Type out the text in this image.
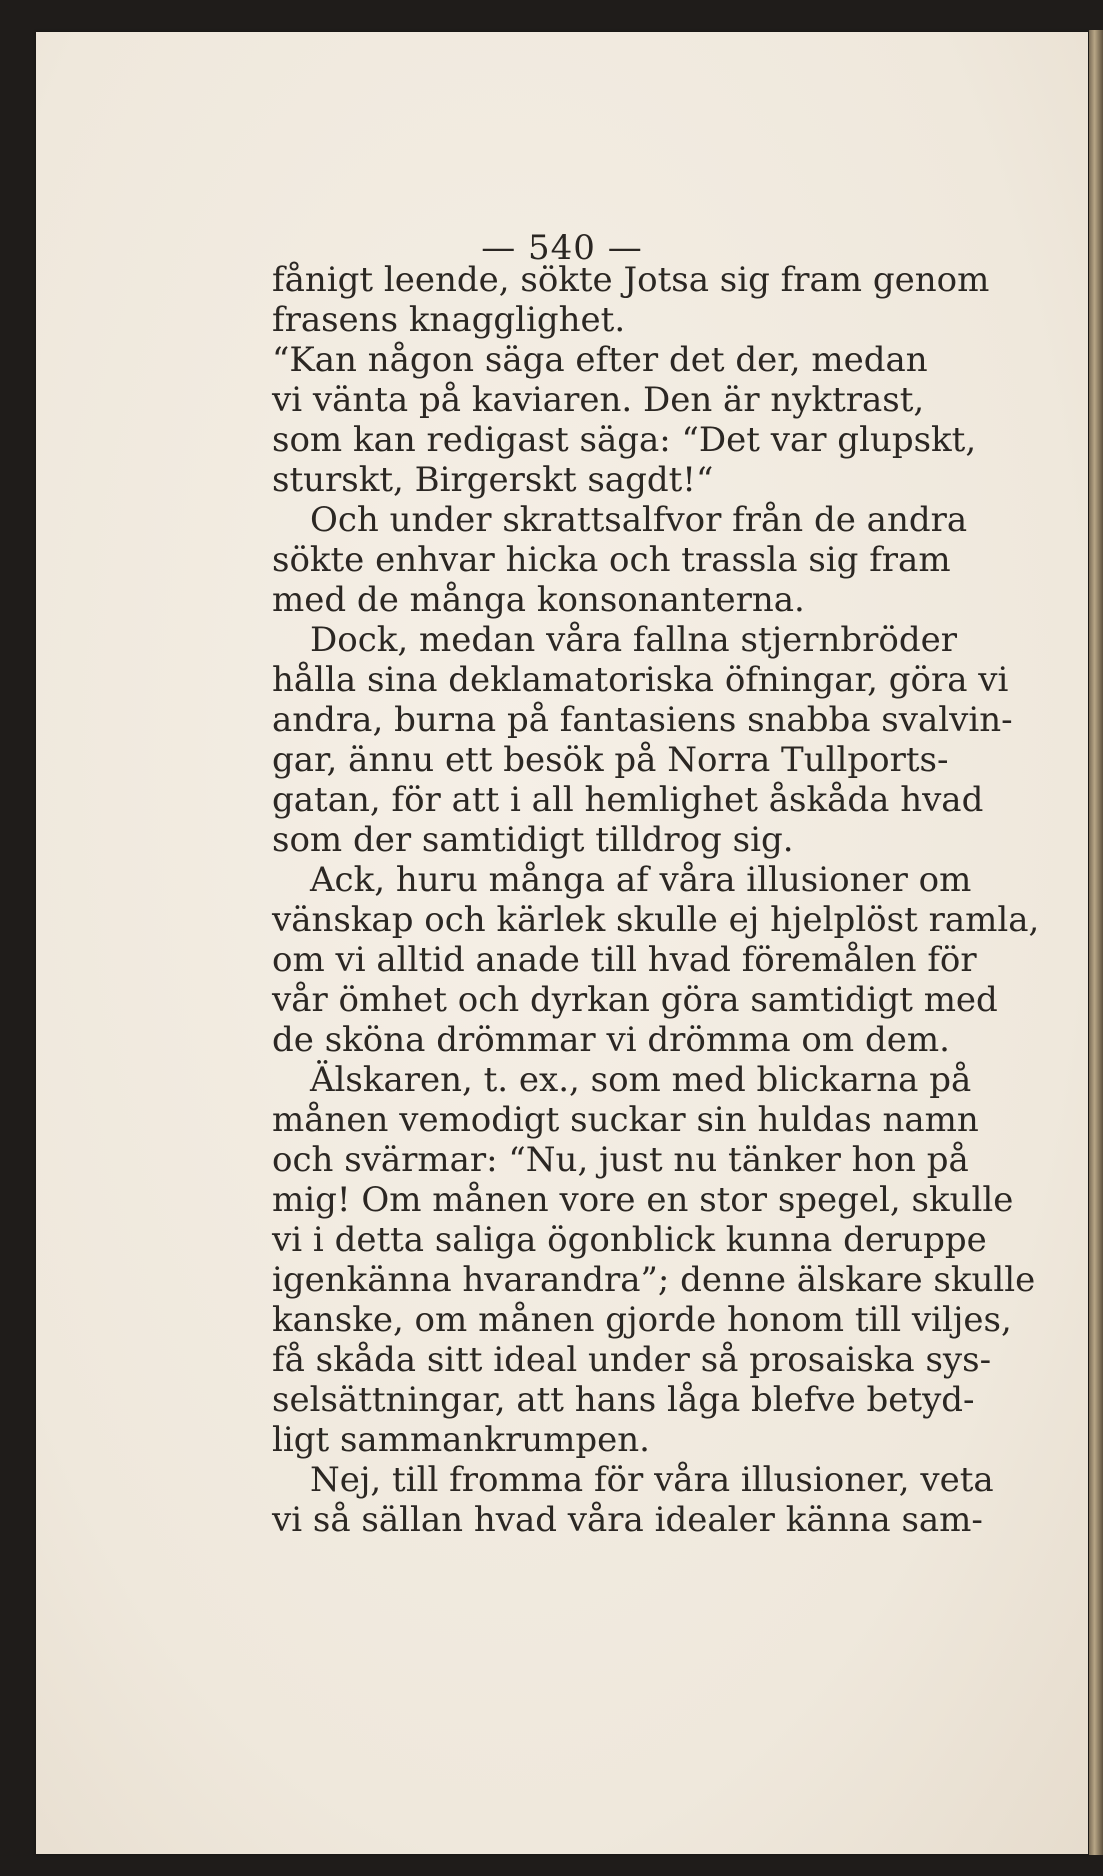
— 540 —
fånigt leende, sökte Jotsa sig fram genom
frasens knagglighet.
“Kan någon säga efter det der, medan
vi vänta på kaviaren. Den är nyktrast,
som kan redigast säga: “Det var glupskt,
sturskt, Birgerskt sagdt!“
Och under skrattsalfvor från de andra
sökte enhvar hicka och trassla sig fram
med de många konsonanterna.
Dock, medan våra fallna stjernbröder
hålla sina deklamatoriska öfningar, göra vi
andra, burna på fantasiens snabba svalvin-
gar, ännu ett besök på Norra Tullports-
gatan, för att i all hemlighet åskåda hvad
som der samtidigt tilldrog sig.
Ack, huru många af våra illusioner om
vänskap och kärlek skulle ej hjelplöst ramla,
om vi alltid anade till hvad föremålen för
vår ömhet och dyrkan göra samtidigt med
de sköna drömmar vi drömma om dem.
Älskaren, t. ex., som med blickarna på
månen vemodigt suckar sin huldas namn
och svärmar: “Nu, just nu tänker hon på
mig! Om månen vore en stor spegel, skulle
vi i detta saliga ögonblick kunna deruppe
igenkänna hvarandra”; denne älskare skulle
kanske, om månen gjorde honom till viljes,
få skåda sitt ideal under så prosaiska sys-
selsättningar, att hans låga blefve betyd-
ligt sammankrumpen.
Nej, till fromma för våra illusioner, veta
vi så sällan hvad våra idealer känna sam-
